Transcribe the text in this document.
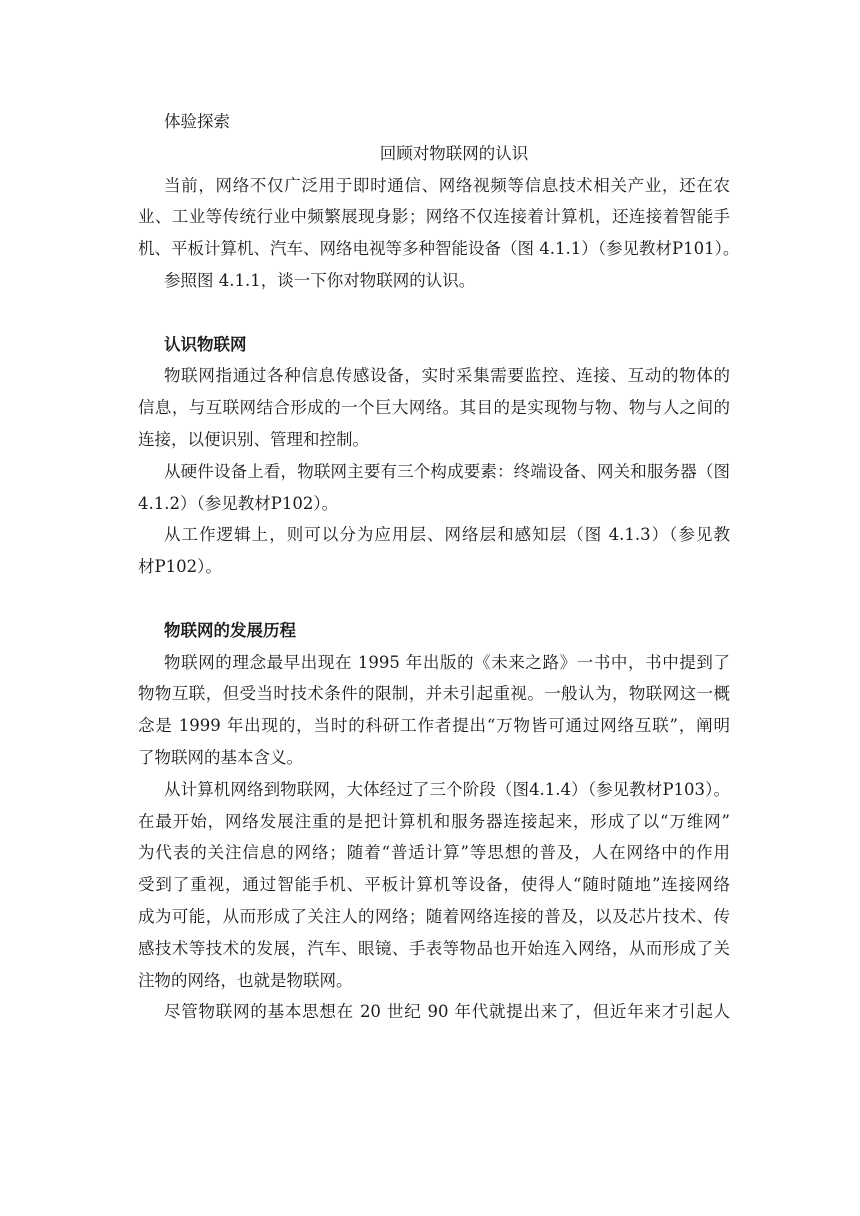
体验探索

回顾对物联网的认识

当前，网络不仅广泛用于即时通信、网络视频等信息技术相关产业，还在农

业、工业等传统行业中频繁展现身影；网络不仅连接着计算机，还连接着智能手

机、平板计算机、汽车、网络电视等多种智能设备（图 4.1.1）（参见教材P101）。

参照图 4.1.1，谈一下你对物联网的认识。

认识物联网

物联网指通过各种信息传感设备，实时采集需要监控、连接、互动的物体的

信息，与互联网结合形成的一个巨大网络。其目的是实现物与物、物与人之间的

连接，以便识别、管理和控制。

从硬件设备上看，物联网主要有三个构成要素：终端设备、网关和服务器（图

4.1.2）（参见教材P102）。

从工作逻辑上，则可以分为应用层、网络层和感知层（图 4.1.3）（参见教

材P102）。

物联网的发展历程

物联网的理念最早出现在 1995 年出版的《未来之路》一书中，书中提到了

物物互联，但受当时技术条件的限制，并未引起重视。一般认为，物联网这一概

念是 1999 年出现的，当时的科研工作者提出“万物皆可通过网络互联”，阐明

了物联网的基本含义。

从计算机网络到物联网，大体经过了三个阶段（图4.1.4）（参见教材P103）。

在最开始，网络发展注重的是把计算机和服务器连接起来，形成了以“万维网”

为代表的关注信息的网络；随着“普适计算”等思想的普及，人在网络中的作用

受到了重视，通过智能手机、平板计算机等设备，使得人“随时随地”连接网络

成为可能，从而形成了关注人的网络；随着网络连接的普及，以及芯片技术、传

感技术等技术的发展，汽车、眼镜、手表等物品也开始连入网络，从而形成了关

注物的网络，也就是物联网。

尽管物联网的基本思想在 20 世纪 90 年代就提出来了，但近年来才引起人
